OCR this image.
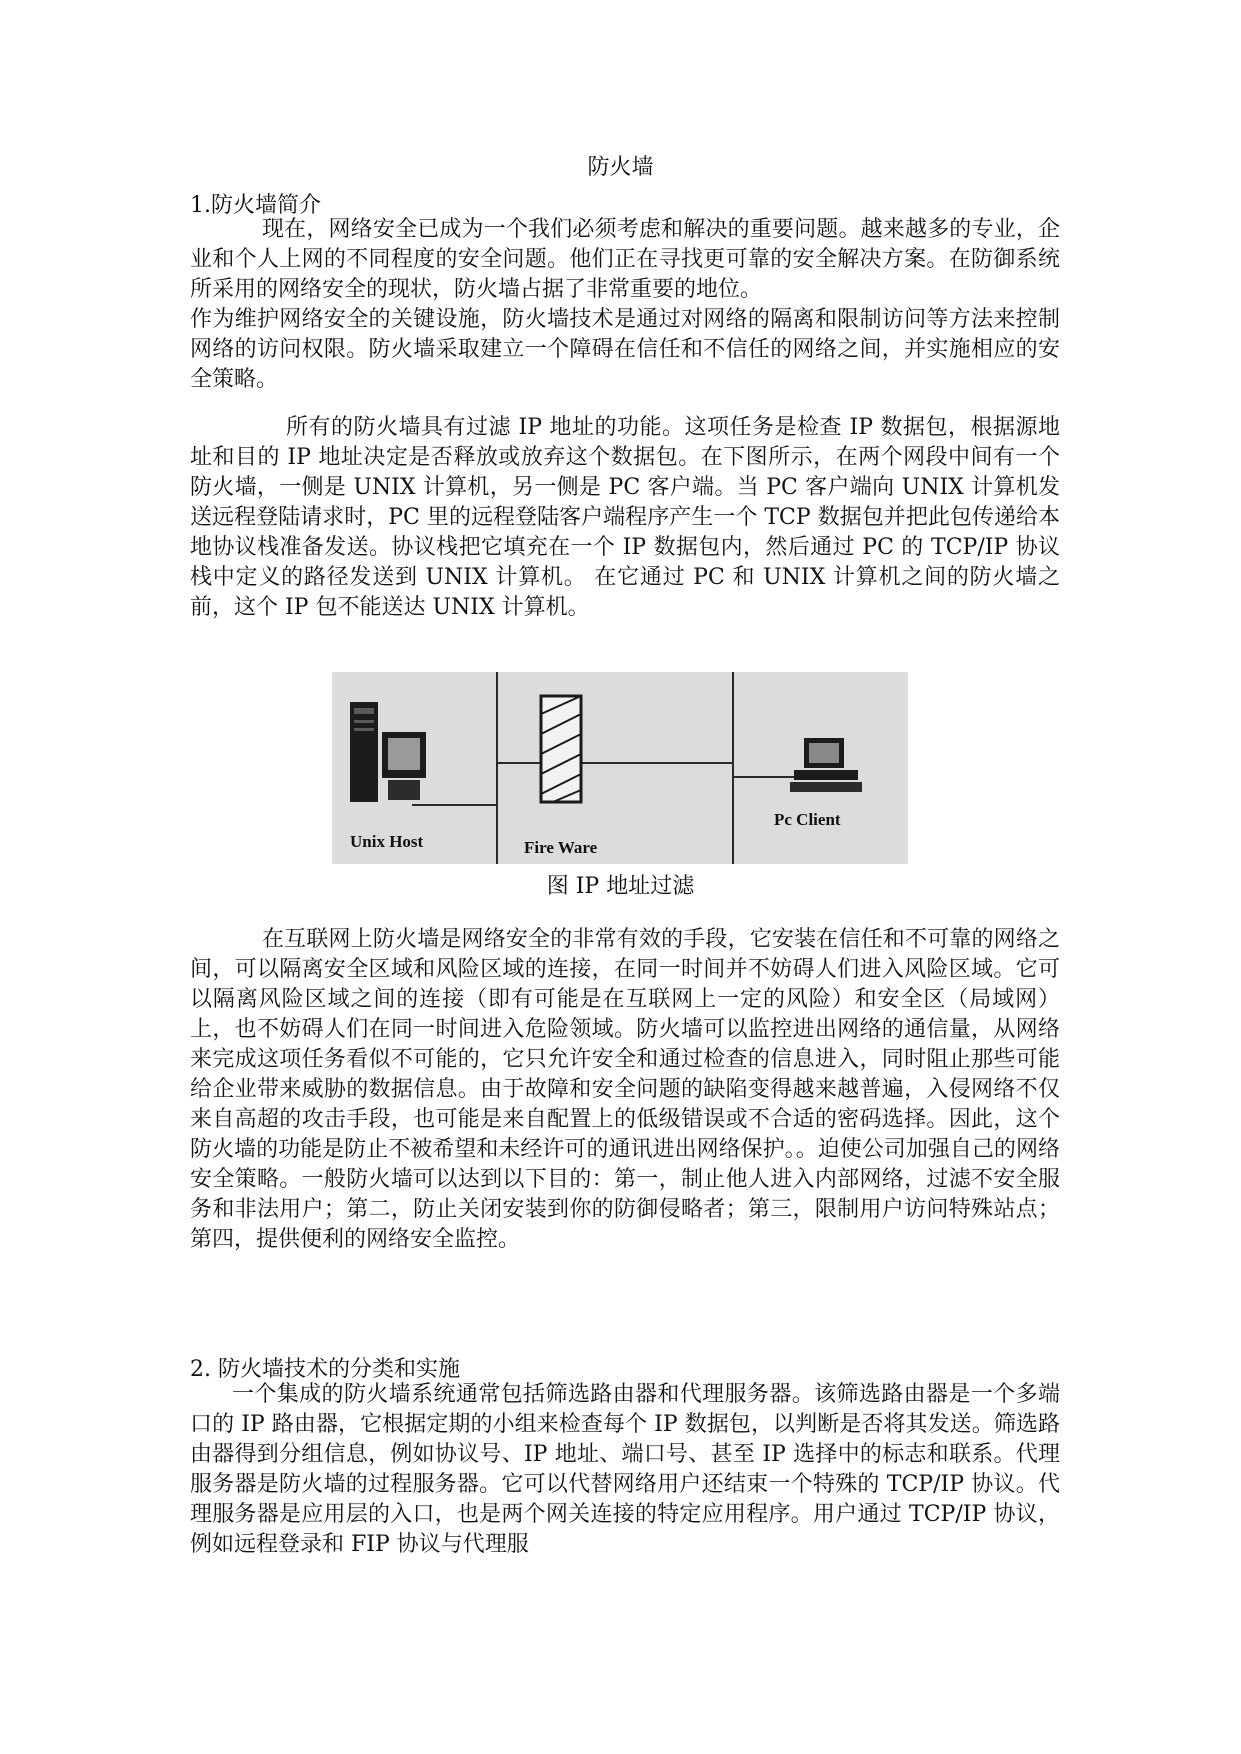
防火墙
1.防火墙简介
现在，网络安全已成为一个我们必须考虑和解决的重要问题。越来越多的专业，企业和个人上网的不同程度的安全问题。他们正在寻找更可靠的安全解决方案。在防御系统所采用的网络安全的现状，防火墙占据了非常重要的地位。
作为维护网络安全的关键设施，防火墙技术是通过对网络的隔离和限制访问等方法来控制网络的访问权限。防火墙采取建立一个障碍在信任和不信任的网络之间，并实施相应的安全策略。
所有的防火墙具有过滤 IP 地址的功能。这项任务是检查 IP 数据包，根据源地址和目的 IP 地址决定是否释放或放弃这个数据包。在下图所示，在两个网段中间有一个防火墙，一侧是 UNIX 计算机，另一侧是 PC 客户端。当 PC 客户端向 UNIX 计算机发送远程登陆请求时，PC 里的远程登陆客户端程序产生一个 TCP 数据包并把此包传递给本地协议栈准备发送。协议栈把它填充在一个 IP 数据包内，然后通过 PC 的 TCP/IP 协议栈中定义的路径发送到 UNIX 计算机。 在它通过 PC 和 UNIX 计算机之间的防火墙之前，这个 IP 包不能送达 UNIX 计算机。
Unix Host	Fire Ware
Pc Client
图 IP 地址过滤
在互联网上防火墙是网络安全的非常有效的手段，它安装在信任和不可靠的网络之间，可以隔离安全区域和风险区域的连接，在同一时间并不妨碍人们进入风险区域。它可以隔离风险区域之间的连接（即有可能是在互联网上一定的风险）和安全区（局域网）上，也不妨碍人们在同一时间进入危险领域。防火墙可以监控进出网络的通信量，从网络来完成这项任务看似不可能的，它只允许安全和通过检查的信息进入，同时阻止那些可能给企业带来威胁的数据信息。由于故障和安全问题的缺陷变得越来越普遍，入侵网络不仅来自高超的攻击手段，也可能是来自配置上的低级错误或不合适的密码选择。因此，这个防火墙的功能是防止不被希望和未经许可的通讯进出网络保护。。迫使公司加强自己的网络安全策略。一般防火墙可以达到以下目的：第一，制止他人进入内部网络，过滤不安全服务和非法用户；第二，防止关闭安装到你的防御侵略者；第三，限制用户访问特殊站点；第四，提供便利的网络安全监控。
2. 防火墙技术的分类和实施
一个集成的防火墙系统通常包括筛选路由器和代理服务器。该筛选路由器是一个多端口的 IP 路由器，它根据定期的小组来检查每个 IP 数据包，以判断是否将其发送。筛选路由器得到分组信息，例如协议号、IP 地址、端口号、甚至 IP 选择中的标志和联系。代理服务器是防火墙的过程服务器。它可以代替网络用户还结束一个特殊的 TCP/IP 协议。代理服务器是应用层的入口，也是两个网关连接的特定应用程序。用户通过 TCP/IP 协议，例如远程登录和 FIP 协议与代理服
